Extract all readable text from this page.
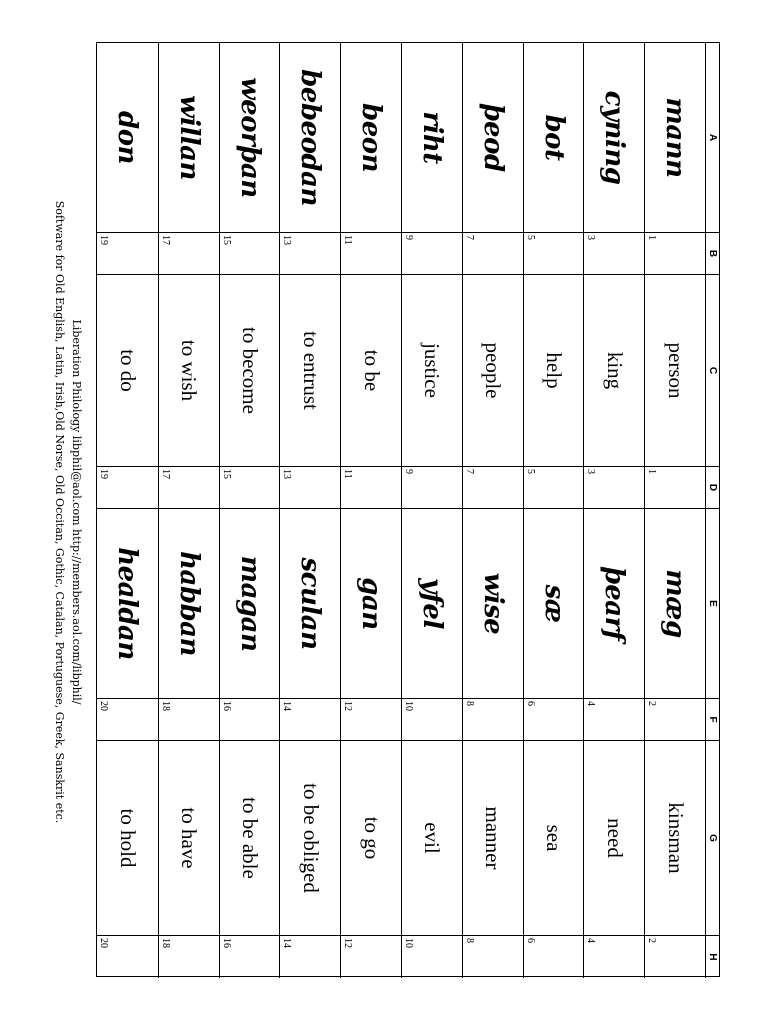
A
B
C
D
E
F
G
H
mann
1
person
1
mæg
2
kinsman
2
cyning
3
king
3
þearf
4
need
4
bot
5
help
5
sæ
6
sea
6
þeod
7
people
7
wise
8
manner
8
riht
9
justice
9
yfel
10
evil
10
beon
11
to be
11
gan
12
to go
12
bebeodan
13
to entrust
13
sculan
14
to be obliged
14
weorþan
15
to become
15
magan
16
to be able
16
willan
17
to wish
17
habban
18
to have
18
don
19
to do
19
healdan
20
to hold
20
Liberation Philology libphil@aol.com http://members.aol.com/libphil/
Software for Old English, Latin, Irish,Old Norse, Old Occitan, Gothic, Catalan, Portuguese, Greek, Sanskrit etc.
